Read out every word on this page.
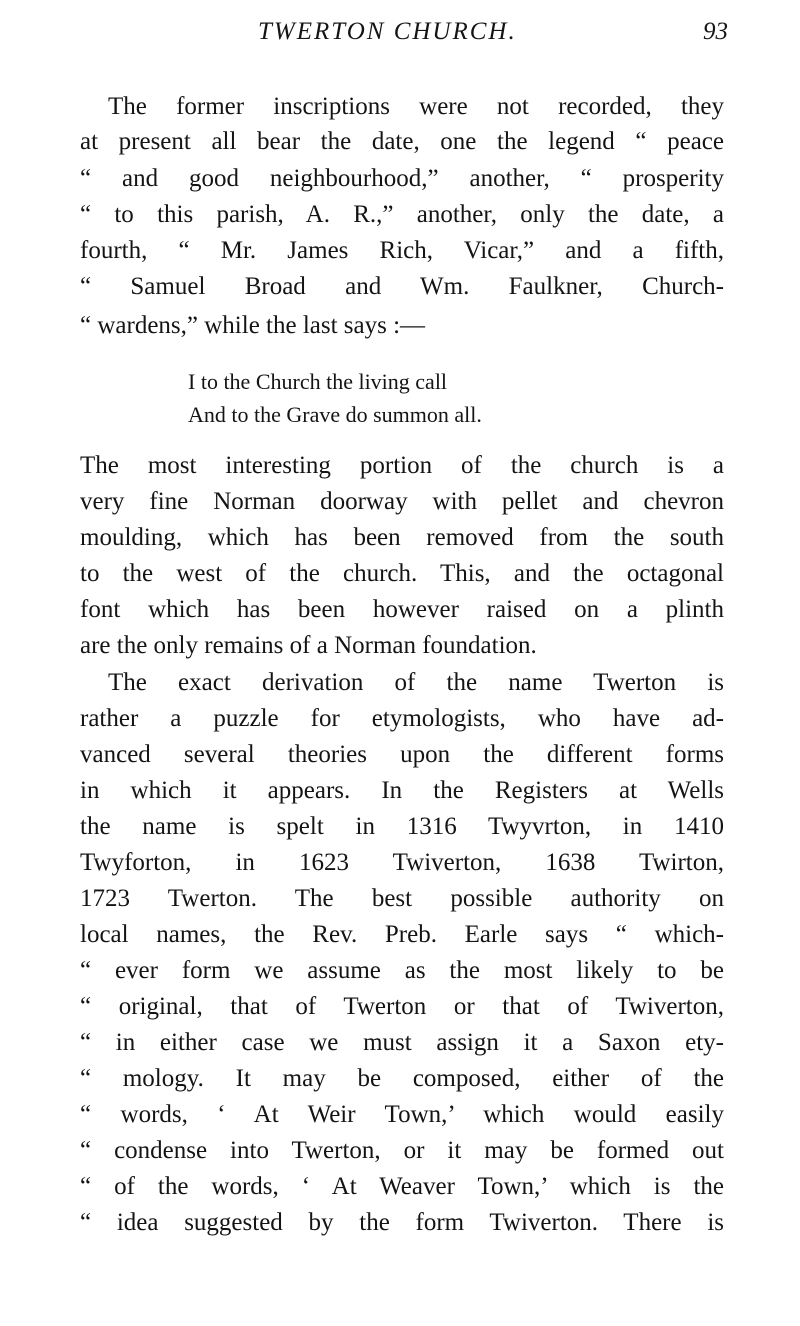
TWERTON CHURCH.	93
The former inscriptions were not recorded, they
at present all bear the date, one the legend “ peace
“ and good neighbourhood,” another, “ prosperity
“ to this parish, A. R.,” another, only the date, a
fourth, “ Mr. James Rich, Vicar,” and a fifth,
“ Samuel Broad and Wm. Faulkner, Church-
“ wardens,” while the last says :—
I to the Church the living call
And to the Grave do summon all.
The most interesting portion of the church is a
very fine Norman doorway with pellet and chevron
moulding, which has been removed from the south
to the west of the church. This, and the octagonal
font which has been however raised on a plinth
are the only remains of a Norman foundation.
The exact derivation of the name Twerton is
rather a puzzle for etymologists, who have ad-
vanced several theories upon the different forms
in which it appears. In the Registers at Wells
the name is spelt in 1316 Twyvrton, in 1410
Twyforton, in 1623 Twiverton, 1638 Twirton,
1723 Twerton. The best possible authority on
local names, the Rev. Preb. Earle says “ which-
“ ever form we assume as the most likely to be
“ original, that of Twerton or that of Twiverton,
“ in either case we must assign it a Saxon ety-
“ mology. It may be composed, either of the
“ words, ‘ At Weir Town,’ which would easily
“ condense into Twerton, or it may be formed out
“ of the words, ‘ At Weaver Town,’ which is the
“ idea suggested by the form Twiverton. There is
